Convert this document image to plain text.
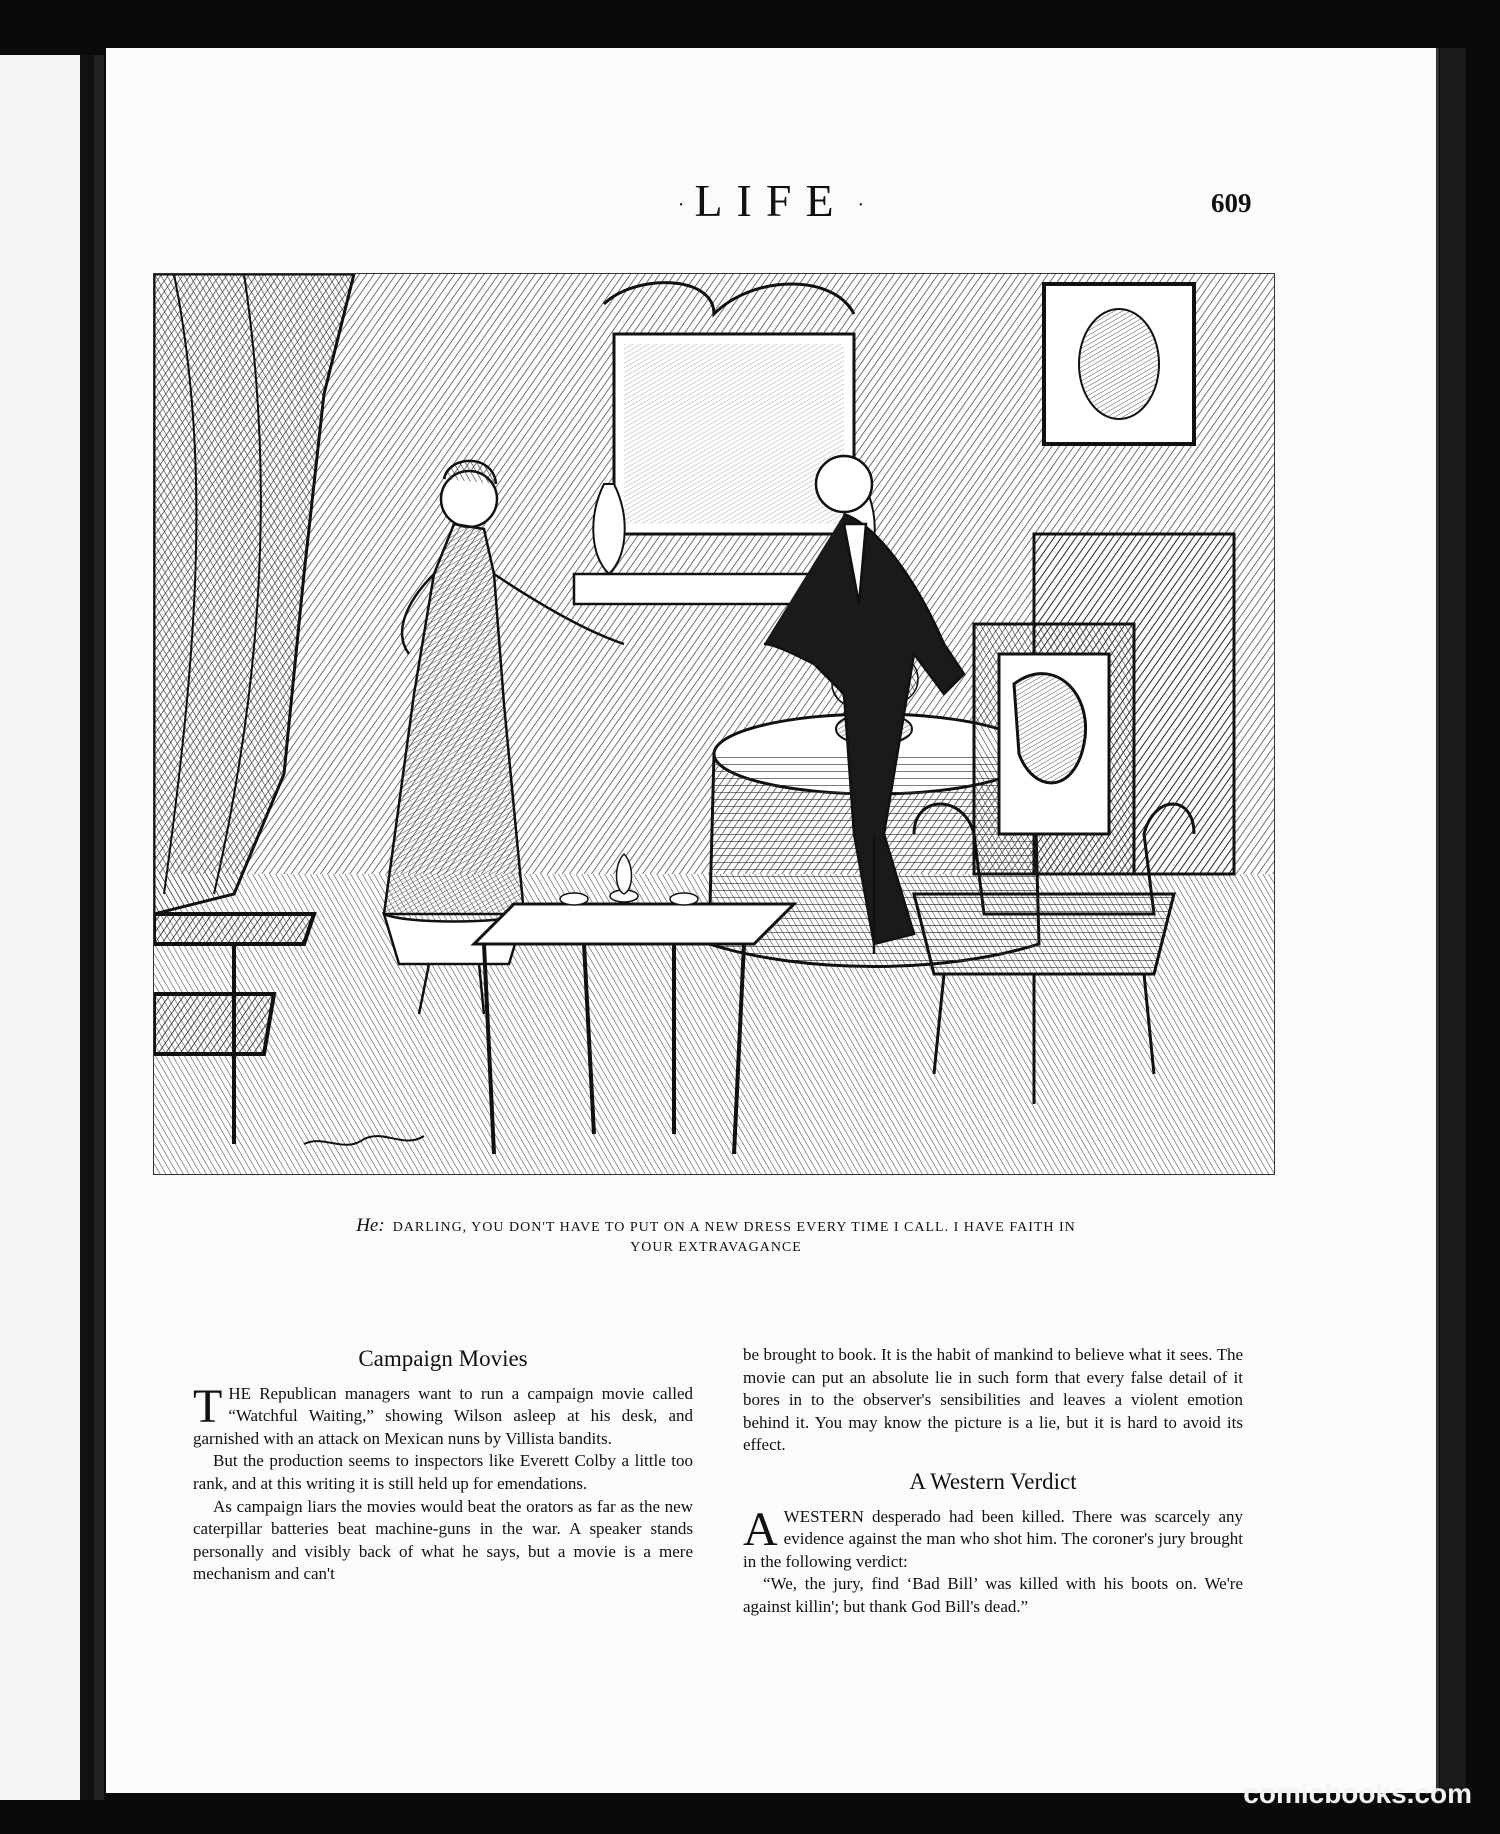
· LIFE ·	609
He: DARLING, YOU DON'T HAVE TO PUT ON A NEW DRESS EVERY TIME I CALL. I HAVE FAITH IN
YOUR EXTRAVAGANCE
Campaign Movies

THE Republican managers want to run a campaign movie called “Watchful Waiting,” showing Wilson asleep at his desk, and garnished with an attack on Mexican nuns by Villista bandits.

But the production seems to inspectors like Everett Colby a little too rank, and at this writing it is still held up for emendations.

As campaign liars the movies would beat the orators as far as the new caterpillar batteries beat machine-guns in the war. A speaker stands personally and visibly back of what he says, but a movie is a mere mechanism and can't

be brought to book. It is the habit of mankind to believe what it sees. The movie can put an absolute lie in such form that every false detail of it bores in to the observer's sensibilities and leaves a violent emotion behind it. You may know the picture is a lie, but it is hard to avoid its effect.

A Western Verdict

AWESTERN desperado had been killed. There was scarcely any evidence against the man who shot him. The coroner's jury brought in the following verdict:

“We, the jury, find ‘Bad Bill’ was killed with his boots on. We're against killin'; but thank God Bill's dead.”

comicbooks.com
